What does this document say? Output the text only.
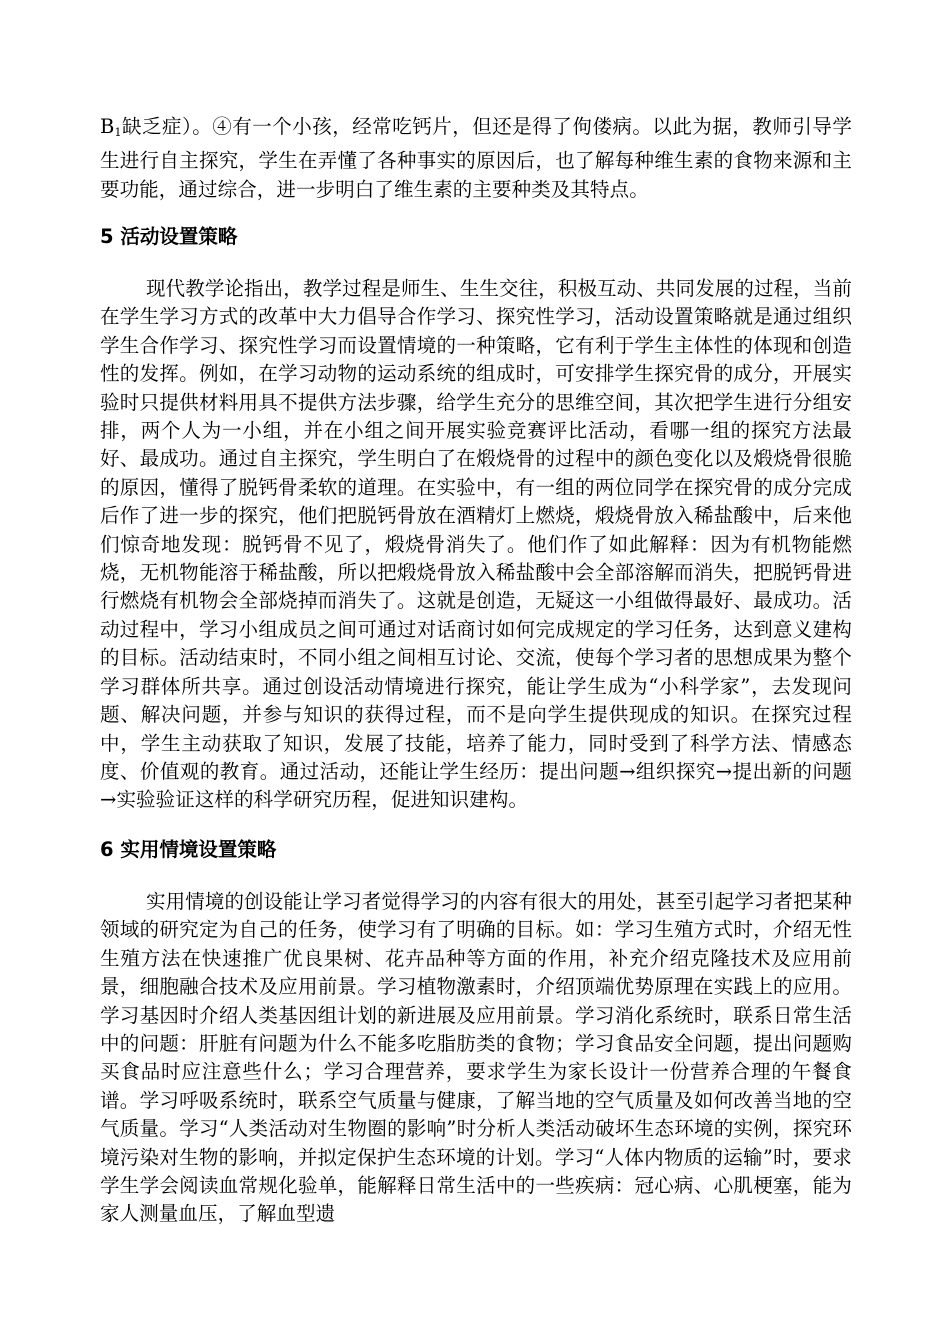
$B_1$缺乏症）。④有一个小孩，经常吃钙片，但还是得了佝偻病。以此为据，教师引导学生进行自主探究，学生在弄懂了各种事实的原因后，也了解每种维生素的食物来源和主要功能，通过综合，进一步明白了维生素的主要种类及其特点。

5 活动设置策略

现代教学论指出，教学过程是师生、生生交往，积极互动、共同发展的过程，当前在学生学习方式的改革中大力倡导合作学习、探究性学习，活动设置策略就是通过组织学生合作学习、探究性学习而设置情境的一种策略，它有利于学生主体性的体现和创造性的发挥。例如，在学习动物的运动系统的组成时，可安排学生探究骨的成分，开展实验时只提供材料用具不提供方法步骤，给学生充分的思维空间，其次把学生进行分组安排，两个人为一小组，并在小组之间开展实验竞赛评比活动，看哪一组的探究方法最好、最成功。通过自主探究，学生明白了在煅烧骨的过程中的颜色变化以及煅烧骨很脆的原因，懂得了脱钙骨柔软的道理。在实验中，有一组的两位同学在探究骨的成分完成后作了进一步的探究，他们把脱钙骨放在酒精灯上燃烧，煅烧骨放入稀盐酸中，后来他们惊奇地发现：脱钙骨不见了，煅烧骨消失了。他们作了如此解释：因为有机物能燃烧，无机物能溶于稀盐酸，所以把煅烧骨放入稀盐酸中会全部溶解而消失，把脱钙骨进行燃烧有机物会全部烧掉而消失了。这就是创造，无疑这一小组做得最好、最成功。活动过程中，学习小组成员之间可通过对话商讨如何完成规定的学习任务，达到意义建构的目标。活动结束时，不同小组之间相互讨论、交流，使每个学习者的思想成果为整个学习群体所共享。通过创设活动情境进行探究，能让学生成为“小科学家”，去发现问题、解决问题，并参与知识的获得过程，而不是向学生提供现成的知识。在探究过程中，学生主动获取了知识，发展了技能，培养了能力，同时受到了科学方法、情感态度、价值观的教育。通过活动，还能让学生经历：提出问题→组织探究→提出新的问题→实验验证这样的科学研究历程，促进知识建构。

6 实用情境设置策略

实用情境的创设能让学习者觉得学习的内容有很大的用处，甚至引起学习者把某种领域的研究定为自己的任务，使学习有了明确的目标。如：学习生殖方式时，介绍无性生殖方法在快速推广优良果树、花卉品种等方面的作用，补充介绍克隆技术及应用前景，细胞融合技术及应用前景。学习植物激素时，介绍顶端优势原理在实践上的应用。学习基因时介绍人类基因组计划的新进展及应用前景。学习消化系统时，联系日常生活中的问题：肝脏有问题为什么不能多吃脂肪类的食物；学习食品安全问题，提出问题购买食品时应注意些什么；学习合理营养，要求学生为家长设计一份营养合理的午餐食谱。学习呼吸系统时，联系空气质量与健康，了解当地的空气质量及如何改善当地的空气质量。学习“人类活动对生物圈的影响”时分析人类活动破坏生态环境的实例，探究环境污染对生物的影响，并拟定保护生态环境的计划。学习“人体内物质的运输”时，要求学生学会阅读血常规化验单，能解释日常生活中的一些疾病：冠心病、心肌梗塞，能为家人测量血压，了解血型遗
